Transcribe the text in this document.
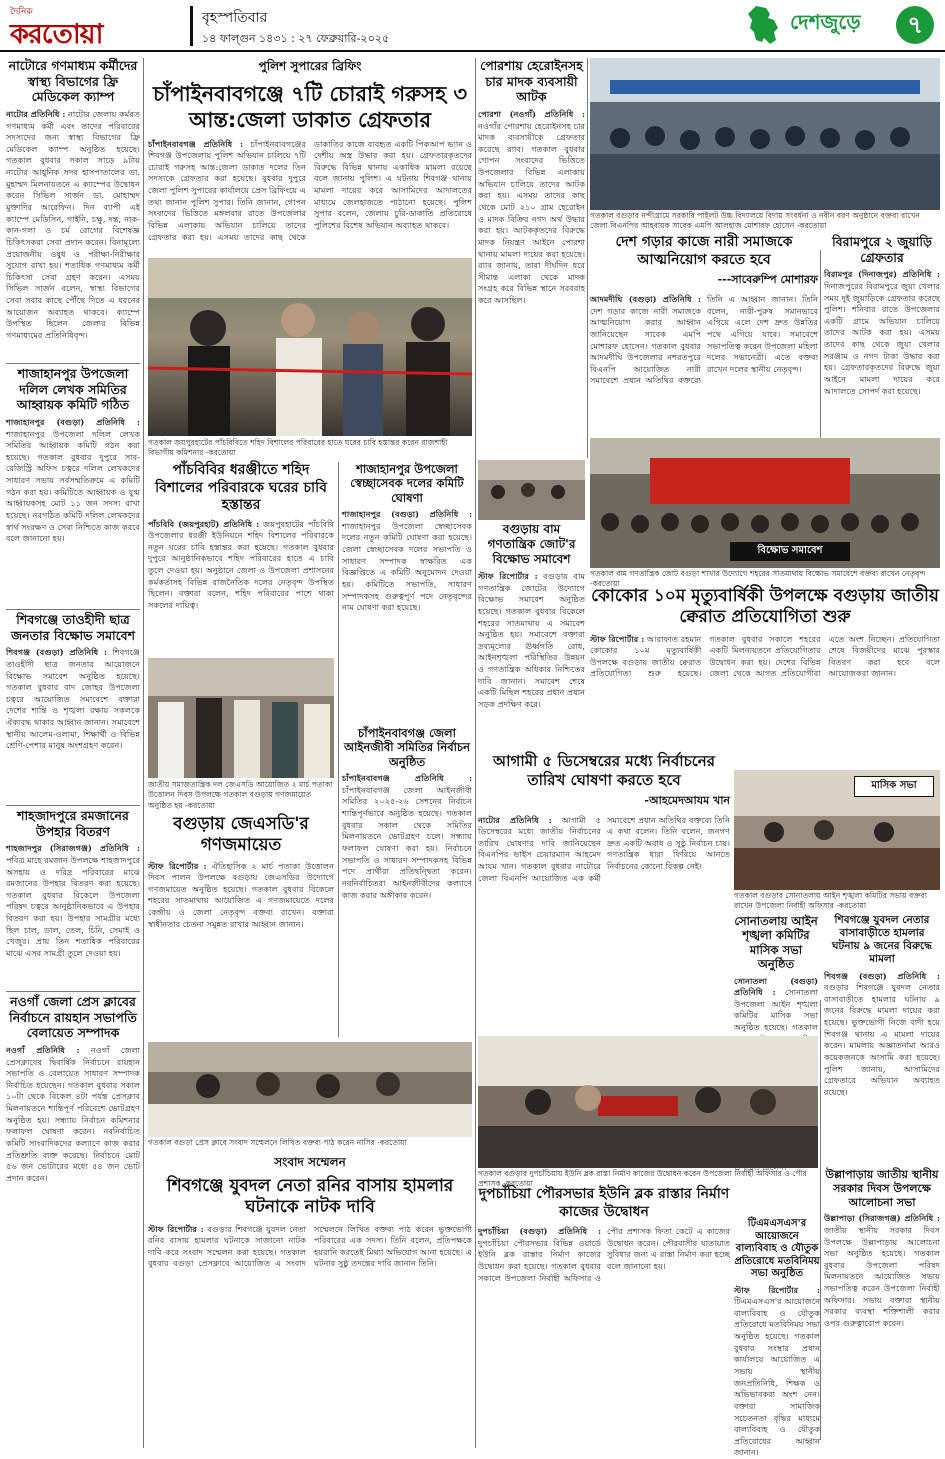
দৈনিক
করতোয়া
বৃহস্পতিবার
১৪ ফাল্গুন ১৪৩১ : ২৭ ফেব্রুয়ারি-২০২৫
দেশজুড়ে	৭
নাটোরে গণমাধ্যম কর্মীদের স্বাস্থ্য বিভাগের ফ্রি মেডিকেল ক্যাম্প
নাটোর প্রতিনিধি : নাটোর জেলায় কর্মরত গণমাধ্যম কর্মী এবং তাদের পরিবারের সদস্যদের জন্য স্বাস্থ্য বিভাগের ফ্রি মেডিকেল ক্যাম্প অনুষ্ঠিত হয়েছে। গতকাল বুধবার সকাল সাড়ে ৯টায় নাটোর আধুনিক সদর হাসপাতালের ডা. মুহাম্মদ মিলনায়তনে এ ক্যাম্পের উদ্বোধন করেন সিভিল সার্জন ডা. মোহাম্মদ মুক্তাদির আরেফিন। দিন ব্যাপী এই ক্যাম্পে মেডিসিন, গাইনি, চক্ষু, দন্ত, নাক-কান-গলা ও চর্ম রোগের বিশেষজ্ঞ চিকিৎসকরা সেবা প্রদান করেন। বিনামূল্যে প্রয়োজনীয় ওষুধ ও পরীক্ষা-নিরীক্ষার সুযোগ রাখা হয়। শতাধিক গণমাধ্যম কর্মী চিকিৎসা সেবা গ্রহণ করেন। এসময় সিভিল সার্জন বলেন, স্বাস্থ্য বিভাগের সেবা সবার কাছে পৌঁছে দিতে এ ধরনের আয়োজন অব্যাহত থাকবে। ক্যাম্পে উপস্থিত ছিলেন জেলার বিভিন্ন গণমাধ্যমের প্রতিনিধিবৃন্দ।
শাজাহানপুর উপজেলা দলিল লেখক সমিতির আহ্বায়ক কমিটি গঠিত
শাজাহানপুর (বগুড়া) প্রতিনিধি : শাজাহানপুর উপজেলা দলিল লেখক সমিতির আহ্বায়ক কমিটি গঠন করা হয়েছে। গতকাল বুধবার দুপুরে সাব-রেজিস্ট্রি অফিস চত্বরে দলিল লেখকদের সাধারণ সভায় সর্বসম্মতিক্রমে এ কমিটি গঠন করা হয়। কমিটিতে আহ্বায়ক ও যুগ্ম আহ্বায়কসহ মোট ১১ জন সদস্য রাখা হয়েছে। নবগঠিত কমিটি দলিল লেখকদের স্বার্থ সংরক্ষণ ও সেবা নিশ্চিতে কাজ করবে বলে জানানো হয়।
শিবগঞ্জে তাওহীদী ছাত্র জনতার বিক্ষোভ সমাবেশ
শিবগঞ্জ (বগুড়া) প্রতিনিধি : শিবগঞ্জে তাওহীদী ছাত্র জনতার আয়োজনে বিক্ষোভ সমাবেশ অনুষ্ঠিত হয়েছে। গতকাল বুধবার বাদ জোহর উপজেলা চত্বরে আয়োজিত সমাবেশে বক্তারা দেশের শান্তি ও শৃঙ্খলা রক্ষায় সকলকে ঐক্যবদ্ধ থাকার আহ্বান জানান। সমাবেশে স্থানীয় আলেম-ওলামা, শিক্ষার্থী ও বিভিন্ন শ্রেণি-পেশার মানুষ অংশগ্রহণ করেন।
শাহজাদপুরে রমজানের উপহার বিতরণ
শাহজাদপুর (সিরাজগঞ্জ) প্রতিনিধি : পবিত্র মাহে রমজান উপলক্ষে শাহজাদপুরে অসহায় ও দরিদ্র পরিবারের মাঝে রমজানের উপহার বিতরণ করা হয়েছে। গতকাল বুধবার বিকেলে উপজেলা পরিষদ চত্বরে আনুষ্ঠানিকভাবে এ উপহার বিতরণ করা হয়। উপহার সামগ্রীর মধ্যে ছিল চাল, ডাল, তেল, চিনি, সেমাই ও খেজুর। প্রায় তিন শতাধিক পরিবারের মাঝে এসব সামগ্রী তুলে দেওয়া হয়।
নওগাঁ জেলা প্রেস ক্লাবের নির্বাচনে রায়হান সভাপতি বেলায়েত সম্পাদক
নওগাঁ প্রতিনিধি : নওগাঁ জেলা প্রেসক্লাবের দ্বিবার্ষিক নির্বাচনে রায়হান সভাপতি ও বেলায়েত সাধারণ সম্পাদক নির্বাচিত হয়েছেন। গতকাল বুধবার সকাল ১০টা থেকে বিকেল ৪টা পর্যন্ত প্রেসক্লাব মিলনায়তনে শান্তিপূর্ণ পরিবেশে ভোটগ্রহণ অনুষ্ঠিত হয়। সন্ধ্যায় নির্বাচন কমিশনার ফলাফল ঘোষণা করেন। নবনির্বাচিত কমিটি সাংবাদিকদের কল্যাণে কাজ করার প্রতিশ্রুতি ব্যক্ত করেছে। নির্বাচনে মোট ৫৬ জন ভোটারের মধ্যে ৫৪ জন ভোট প্রদান করেন।
পুলিশ সুপারের ব্রিফিং
চাঁপাইনবাবগঞ্জে ৭টি চোরাই গরুসহ ৩ আন্ত:জেলা ডাকাত গ্রেফতার
চাঁপাইনবাবগঞ্জ প্রতিনিধি : চাঁপাইনবাবগঞ্জের শিবগঞ্জ উপজেলায় পুলিশ অভিযান চালিয়ে ৭টি চোরাই গরুসহ আন্ত:জেলা ডাকাত দলের তিন সদস্যকে গ্রেফতার করা হয়েছে। বুধবার দুপুরে জেলা পুলিশ সুপারের কার্যালয়ে প্রেস ব্রিফিংয়ে এ তথ্য জানান পুলিশ সুপার। তিনি জানান, গোপন সংবাদের ভিত্তিতে মঙ্গলবার রাতে উপজেলার বিভিন্ন এলাকায় অভিযান চালিয়ে তাদের গ্রেফতার করা হয়। এসময় তাদের কাছ থেকে ডাকাতির কাজে ব্যবহৃত একটি পিকআপ ভ্যান ও দেশীয় অস্ত্র উদ্ধার করা হয়। গ্রেফতারকৃতদের বিরুদ্ধে বিভিন্ন থানায় একাধিক মামলা রয়েছে বলে জানায় পুলিশ। এ ঘটনায় শিবগঞ্জ থানায় মামলা দায়ের করে আসামিদের আদালতের মাধ্যমে জেলহাজতে পাঠানো হয়েছে। পুলিশ সুপার বলেন, জেলায় চুরি-ডাকাতি প্রতিরোধে পুলিশের বিশেষ অভিযান অব্যাহত থাকবে।
গতকাল জয়পুরহাটের পাঁচবিবিতে শহিদ বিশালের পরিবারের হাতে ঘরের চাবি হস্তান্তর করেন রাজশাহী বিভাগীয় কমিশনার -করতোয়া
পাঁচবিবির ধরঞ্জীতে শহিদ বিশালের পরিবারকে ঘরের চাবি হস্তান্তর
পাঁচবিবি (জয়পুরহাট) প্রতিনিধি : জয়পুরহাটের পাঁচবিবি উপজেলার ধরঞ্জী ইউনিয়নে শহিদ বিশালের পরিবারকে নতুন ঘরের চাবি হস্তান্তর করা হয়েছে। গতকাল বুধবার দুপুরে আনুষ্ঠানিকভাবে শহিদ পরিবারের হাতে এ চাবি তুলে দেওয়া হয়। অনুষ্ঠানে জেলা ও উপজেলা প্রশাসনের কর্মকর্তাসহ বিভিন্ন রাজনৈতিক দলের নেতৃবৃন্দ উপস্থিত ছিলেন। বক্তারা বলেন, শহিদ পরিবারের পাশে থাকা সকলের দায়িত্ব।
শাজাহানপুর উপজেলা স্বেচ্ছাসেবক দলের কমিটি ঘোষণা
শাজাহানপুর (বগুড়া) প্রতিনিধি : শাজাহানপুর উপজেলা স্বেচ্ছাসেবক দলের নতুন কমিটি ঘোষণা করা হয়েছে। জেলা স্বেচ্ছাসেবক দলের সভাপতি ও সাধারণ সম্পাদক স্বাক্ষরিত এক বিজ্ঞপ্তিতে এ কমিটি অনুমোদন দেওয়া হয়। কমিটিতে সভাপতি, সাধারণ সম্পাদকসহ গুরুত্বপূর্ণ পদে নেতৃবৃন্দের নাম ঘোষণা করা হয়েছে।
জাতীয় সমাজতান্ত্রিক দল জেএসডি আয়োজিত ২ মার্চ পতাকা উত্তোলন দিবস উপলক্ষে গতকাল বগুড়ায় গণজমায়েত অনুষ্ঠিত হয় -করতোয়া
বগুড়ায় জেএসডি'র গণজমায়েত
স্টাফ রিপোর্টার : ঐতিহাসিক ২ মার্চ পতাকা উত্তোলন দিবস পালন উপলক্ষে বগুড়ায় জেএসডির উদ্যোগে গণজমায়েত অনুষ্ঠিত হয়েছে। গতকাল বুধবার বিকেলে শহরের সাতমাথায় আয়োজিত এ গণজমায়েতে দলের কেন্দ্রীয় ও জেলা নেতৃবৃন্দ বক্তব্য রাখেন। বক্তারা স্বাধীনতার চেতনা সমুন্নত রাখার আহ্বান জানান।
চাঁপাইনবাবগঞ্জ জেলা আইনজীবী সমিতির নির্বাচন অনুষ্ঠিত
চাঁপাইনবাবগঞ্জ প্রতিনিধি : চাঁপাইনবাবগঞ্জ জেলা আইনজীবী সমিতির ২০২৫-২৬ সেশনের নির্বাচন শান্তিপূর্ণভাবে অনুষ্ঠিত হয়েছে। গতকাল বুধবার সকাল থেকে সমিতির মিলনায়তনে ভোটগ্রহণ চলে। সন্ধ্যায় ফলাফল ঘোষণা করা হয়। নির্বাচনে সভাপতি ও সাধারণ সম্পাদকসহ বিভিন্ন পদে প্রার্থীরা প্রতিদ্বন্দ্বিতা করেন। নবনির্বাচিতরা আইনজীবীদের কল্যাণে কাজ করার অঙ্গীকার করেন।
গতকাল বগুড়া প্রেস ক্লাবে সংবাদ সম্মেলনে লিখিত বক্তব্য পাঠ করেন নাসির -করতোয়া
সংবাদ সম্মেলন
শিবগঞ্জে যুবদল নেতা রনির বাসায় হামলার ঘটনাকে নাটক দাবি
স্টাফ রিপোর্টার : বগুড়ার শিবগঞ্জে যুবদল নেতা রনির বাসায় হামলার ঘটনাকে সাজানো নাটক দাবি করে সংবাদ সম্মেলন করা হয়েছে। গতকাল বুধবার বগুড়া প্রেসক্লাবে আয়োজিত এ সংবাদ সম্মেলনে লিখিত বক্তব্য পাঠ করেন ভুক্তভোগী পরিবারের এক সদস্য। তিনি বলেন, প্রতিপক্ষকে হয়রানি করতেই মিথ্যা অভিযোগ আনা হয়েছে। এ ঘটনার সুষ্ঠু তদন্তের দাবি জানান তিনি।
পোরশায় হেরোইনসহ চার মাদক ব্যবসায়ী আটক
পোরশা (নওগাঁ) প্রতিনিধি : নওগাঁর পোরশায় হেরোইনসহ চার মাদক ব্যবসায়ীকে গ্রেফতার করেছে র‍্যাব। গতকাল বুধবার গোপন সংবাদের ভিত্তিতে উপজেলার বিভিন্ন এলাকায় অভিযান চালিয়ে তাদের আটক করা হয়। এসময় তাদের কাছ থেকে মোট ২১০ গ্রাম হেরোইন ও মাদক বিক্রির নগদ অর্থ উদ্ধার করা হয়। আটককৃতদের বিরুদ্ধে মাদক নিয়ন্ত্রণ আইনে পোরশা থানায় মামলা দায়ের করা হয়েছে। র‍্যাব জানায়, তারা দীর্ঘদিন ধরে সীমান্ত এলাকা থেকে মাদক সংগ্রহ করে বিভিন্ন স্থানে সরবরাহ করে আসছিল।
গতকাল বগুড়ার নন্দীগ্রামে সরকারি পাইলট উচ্চ বিদ্যালয়ে বিদায় সংবর্ধনা ও নবীন বরণ অনুষ্ঠানে বক্তব্য রাখেন জেলা বিএনপির আহবায়ক সাবেক এমপি আলহাজ মোশারফ হোসেন -করতোয়া
দেশ গড়ার কাজে নারী সমাজকে আত্মনিয়োগ করতে হবে
---সাবেরুম্পি মোশারফ
আদমদীঘি (বগুড়া) প্রতিনিধি : দেশ গড়ার কাজে নারী সমাজকে আত্মনিয়োগ করার আহ্বান জানিয়েছেন সাবেক এমপি মোশারফ হোসেন। গতকাল বুধবার আদমদীঘি উপজেলার নশরতপুরে বিএনপি আয়োজিত নারী সমাবেশে প্রধান অতিথির বক্তব্যে তিনি এ আহ্বান জানান। তিনি বলেন, নারী-পুরুষ সমানভাবে এগিয়ে এলে দেশ দ্রুত উন্নতির পথে এগিয়ে যাবে। সমাবেশে সভাপতিত্ব করেন উপজেলা মহিলা দলের সভানেত্রী। এতে বক্তব্য রাখেন দলের স্থানীয় নেতৃবৃন্দ।
বিরামপুরে ২ জুয়াড়ি গ্রেফতার
বিরামপুর (দিনাজপুর) প্রতিনিধি : দিনাজপুরের বিরামপুরে জুয়া খেলার সময় দুই জুয়াড়িকে গ্রেফতার করেছে পুলিশ। শনিবার রাতে উপজেলার একটি গ্রামে অভিযান চালিয়ে তাদের আটক করা হয়। এসময় তাদের কাছ থেকে জুয়া খেলার সরঞ্জাম ও নগদ টাকা উদ্ধার করা হয়। গ্রেফতারকৃতদের বিরুদ্ধে জুয়া আইনে মামলা দায়ের করে আদালতে সোপর্দ করা হয়েছে।
বগুড়ায় বাম গণতান্ত্রিক জোট'র বিক্ষোভ সমাবেশ
স্টাফ রিপোর্টার : বগুড়ায় বাম গণতান্ত্রিক জোটের উদ্যোগে বিক্ষোভ সমাবেশ অনুষ্ঠিত হয়েছে। গতকাল বুধবার বিকেলে শহরের সাতমাথায় এ সমাবেশ অনুষ্ঠিত হয়। সমাবেশে বক্তারা দ্রব্যমূল্যের ঊর্ধ্বগতি রোধ, আইনশৃঙ্খলা পরিস্থিতির উন্নয়ন ও গণতান্ত্রিক অধিকার নিশ্চিতের দাবি জানান। সমাবেশ শেষে একটি মিছিল শহরের প্রধান প্রধান সড়ক প্রদক্ষিণ করে।
বিক্ষোভ সমাবেশ
গতকাল বাম গণতান্ত্রিক জোট বগুড়া শাখার উদ্যোগে শহরের সাতমাথায় বিক্ষোভ সমাবেশে বক্তব্য রাখেন নেতৃবৃন্দ -করতোয়া
কোকোর ১০ম মৃত্যুবার্ষিকী উপলক্ষে বগুড়ায় জাতীয় ক্বেরাত প্রতিযোগিতা শুরু
স্টাফ রিপোর্টার : আরাফাত রহমান কোকোর ১০ম মৃত্যুবার্ষিকী উপলক্ষে বগুড়ায় জাতীয় ক্বেরাত প্রতিযোগিতা শুরু হয়েছে। গতকাল বুধবার সকালে শহরের একটি মিলনায়তনে প্রতিযোগিতার উদ্বোধন করা হয়। দেশের বিভিন্ন জেলা থেকে আগত প্রতিযোগীরা এতে অংশ নিচ্ছেন। প্রতিযোগিতা শেষে বিজয়ীদের মাঝে পুরস্কার বিতরণ করা হবে বলে আয়োজকরা জানান।
আগামী ৫ ডিসেম্বরের মধ্যে নির্বাচনের তারিখ ঘোষণা করতে হবে
-আহমেদআযম খান
নাটোর প্রতিনিধি : আগামী ৫ ডিসেম্বরের মধ্যে জাতীয় নির্বাচনের তারিখ ঘোষণার দাবি জানিয়েছেন বিএনপির ভাইস চেয়ারম্যান আহমেদ আযম খান। গতকাল বুধবার নাটোরে জেলা বিএনপি আয়োজিত এক কর্মী সমাবেশে প্রধান অতিথির বক্তব্যে তিনি এ কথা বলেন। তিনি বলেন, জনগণ দ্রুত একটি অবাধ ও সুষ্ঠু নির্বাচন চায়। গণতান্ত্রিক ধারা ফিরিয়ে আনতে নির্বাচনের কোনো বিকল্প নেই।
মাসিক সভা
গতকাল বগুড়ার সোনাতলায় আইন শৃঙ্খলা কমিটির সভায় বক্তব্য রাখেন উপজেলা নির্বাহী অফিসার -করতোয়া
সোনাতলায় আইন শৃঙ্খলা কমিটির মাসিক সভা অনুষ্ঠিত
সোনাতলা (বগুড়া) প্রতিনিধি : সোনাতলা উপজেলা আইন শৃঙ্খলা কমিটির মাসিক সভা অনুষ্ঠিত হয়েছে। গতকাল
শিবগঞ্জে যুবদল নেতার বাসাবাড়ীতে হামলার ঘটনায় ৯ জনের বিরুদ্ধে মামলা
শিবগঞ্জ (বগুড়া) প্রতিনিধি : বগুড়ার শিবগঞ্জে যুবদল নেতার বাসাবাড়ীতে হামলার ঘটনায় ৯ জনের বিরুদ্ধে মামলা দায়ের করা হয়েছে। ভুক্তভোগী নিজে বাদী হয়ে শিবগঞ্জ থানায় এ মামলা দায়ের করেন। মামলায় অজ্ঞাতনামা আরও কয়েকজনকে আসামি করা হয়েছে। পুলিশ জানায়, আসামিদের গ্রেফতারে অভিযান অব্যাহত রয়েছে।
উল্লাপাড়ায় জাতীয় স্থানীয় সরকার দিবস উপলক্ষে আলোচনা সভা
উল্লাপাড়া (সিরাজগঞ্জ) প্রতিনিধি : জাতীয় স্থানীয় সরকার দিবস উপলক্ষে উল্লাপাড়ায় আলোচনা সভা অনুষ্ঠিত হয়েছে। গতকাল বুধবার উপজেলা পরিষদ মিলনায়তনে আয়োজিত সভায় সভাপতিত্ব করেন উপজেলা নির্বাহী অফিসার। সভায় বক্তারা স্থানীয় সরকার ব্যবস্থা শক্তিশালী করার ওপর গুরুত্বারোপ করেন।
গতকাল বগুড়ার দুপচাঁচিয়ায় ইউনি ব্লক রাস্তা নির্মাণ কাজের উদ্বোধন করেন উপজেলা নির্বাহী অফিসার ও পৌর প্রশাসক -করতোয়া
দুপচাঁচিয়া পৌরসভার ইউনি ব্লক রাস্তার নির্মাণ কাজের উদ্বোধন
দুপচাঁচিয়া (বগুড়া) প্রতিনিধি : দুপচাঁচিয়া পৌরসভার বিভিন্ন ওয়ার্ডে ইউনি ব্লক রাস্তার নির্মাণ কাজের উদ্বোধন করা হয়েছে। গতকাল বুধবার সকালে উপজেলা নির্বাহী অফিসার ও পৌর প্রশাসক ফিতা কেটে এ কাজের উদ্বোধন করেন। পৌরবাসীর যাতায়াত সুবিধার জন্য এ রাস্তা নির্মাণ করা হচ্ছে বলে জানানো হয়।
টিএমএসএস'র আয়োজনে বাল্যবিবাহ ও যৌতুক প্রতিরোধে মতবিনিময় সভা অনুষ্ঠিত
স্টাফ রিপোর্টার : টিএমএসএস'র আয়োজনে বাল্যবিবাহ ও যৌতুক প্রতিরোধে মতবিনিময় সভা অনুষ্ঠিত হয়েছে। গতকাল বুধবার সংস্থার প্রধান কার্যালয়ে আয়োজিত এ সভায় স্থানীয় জনপ্রতিনিধি, শিক্ষক ও অভিভাবকরা অংশ নেন। বক্তারা সামাজিক সচেতনতা বৃদ্ধির মাধ্যমে বাল্যবিবাহ ও যৌতুক প্রতিরোধের আহ্বান জানান।
